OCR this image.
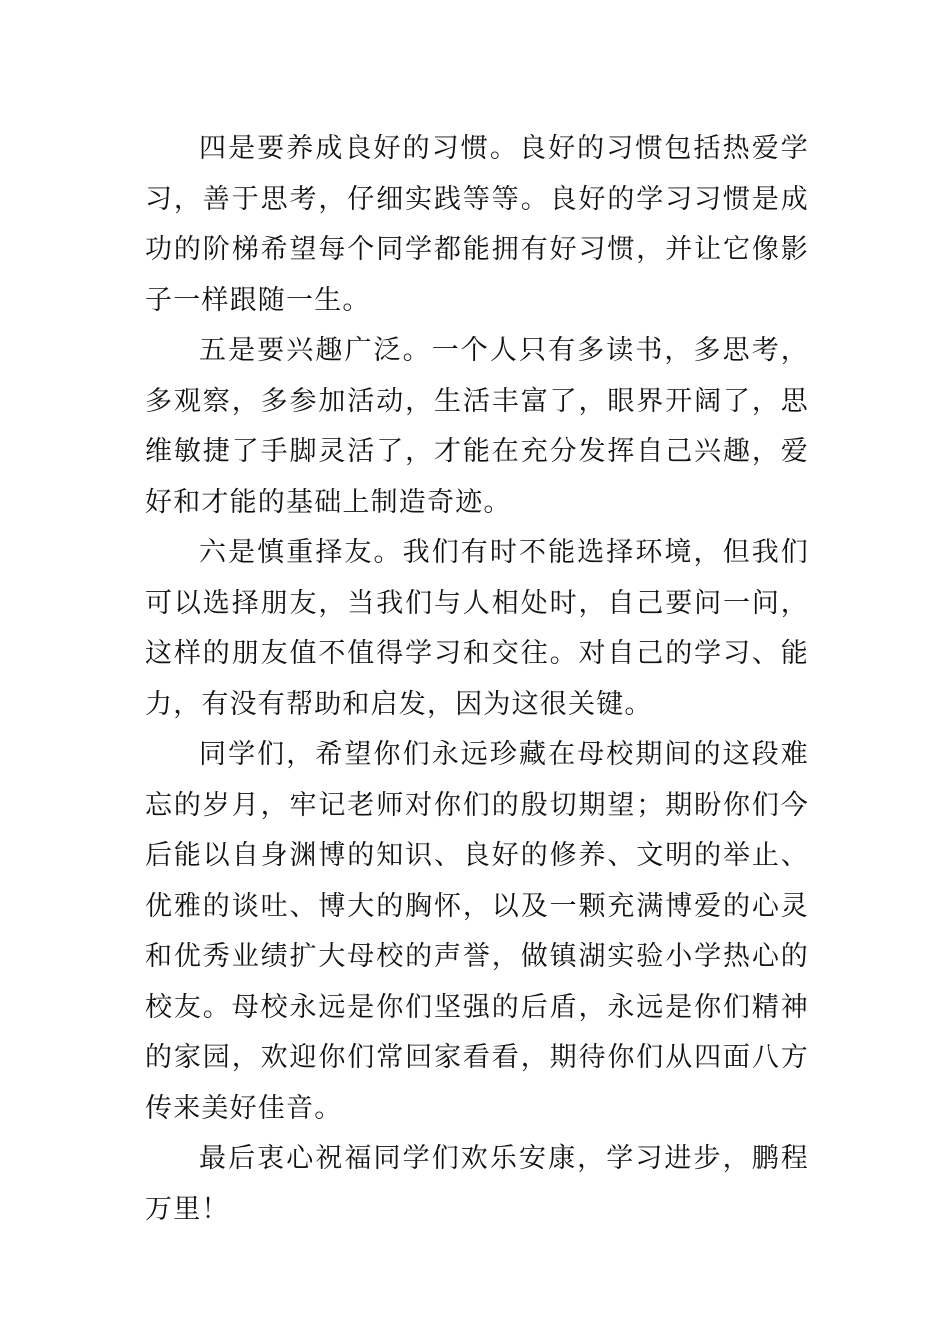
四是要养成良好的习惯。良好的习惯包括热爱学习，善于思考，仔细实践等等。良好的学习习惯是成功的阶梯希望每个同学都能拥有好习惯，并让它像影子一样跟随一生。

五是要兴趣广泛。一个人只有多读书，多思考，多观察，多参加活动，生活丰富了，眼界开阔了，思维敏捷了手脚灵活了，才能在充分发挥自己兴趣，爱好和才能的基础上制造奇迹。

六是慎重择友。我们有时不能选择环境，但我们可以选择朋友，当我们与人相处时，自己要问一问，这样的朋友值不值得学习和交往。对自己的学习、能力，有没有帮助和启发，因为这很关键。

同学们，希望你们永远珍藏在母校期间的这段难忘的岁月，牢记老师对你们的殷切期望；期盼你们今后能以自身渊博的知识、良好的修养、文明的举止、优雅的谈吐、博大的胸怀，以及一颗充满博爱的心灵和优秀业绩扩大母校的声誉，做镇湖实验小学热心的校友。母校永远是你们坚强的后盾，永远是你们精神的家园，欢迎你们常回家看看，期待你们从四面八方传来美好佳音。

最后衷心祝福同学们欢乐安康，学习进步，鹏程万里！
